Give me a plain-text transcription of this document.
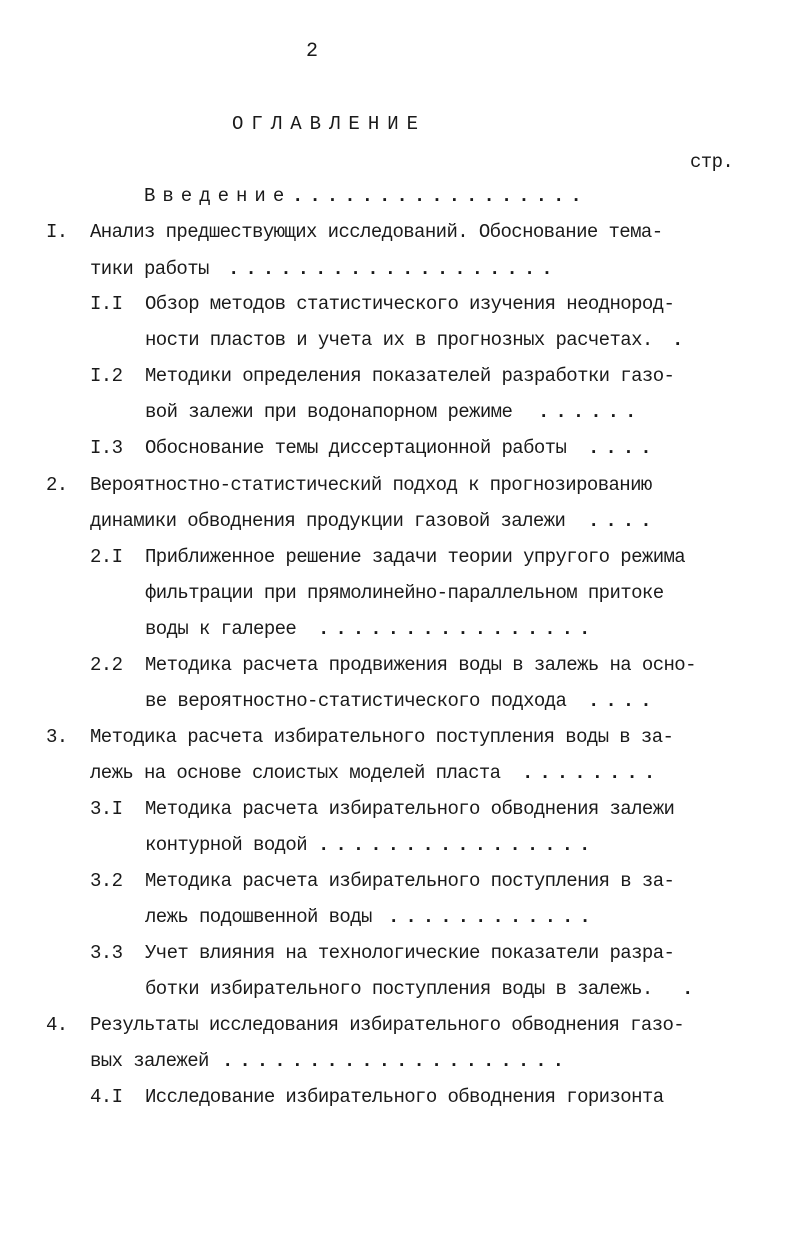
2
ОГЛАВЛЕНИЕ
стр.
Введение .................
I. Анализ предшествующих исследований. Обоснование тема-
тики работы ...................
I.I Обзор методов статистического изучения неоднород-
ности пластов и учета их в прогнозных расчетах. .
I.2 Методики определения показателей разработки газо-
вой залежи при водонапорном режиме ......
I.3 Обоснование темы диссертационной работы ....
2. Вероятностно-статистический подход к прогнозированию
динамики обводнения продукции газовой залежи ....
2.I Приближенное решение задачи теории упругого режима
фильтрации при прямолинейно-параллельном притоке
воды к галерее ................
2.2 Методика расчета продвижения воды в залежь на осно-
ве вероятностно-статистического подхода ....
3. Методика расчета избирательного поступления воды в за-
лежь на основе слоистых моделей пласта ........
3.I Методика расчета избирательного обводнения залежи
контурной водой ................
3.2 Методика расчета избирательного поступления в за-
лежь подошвенной воды ............
3.3 Учет влияния на технологические показатели разра-
ботки избирательного поступления воды в залежь. .
4. Результаты исследования избирательного обводнения газо-
вых залежей ....................
4.I Исследование избирательного обводнения горизонта
